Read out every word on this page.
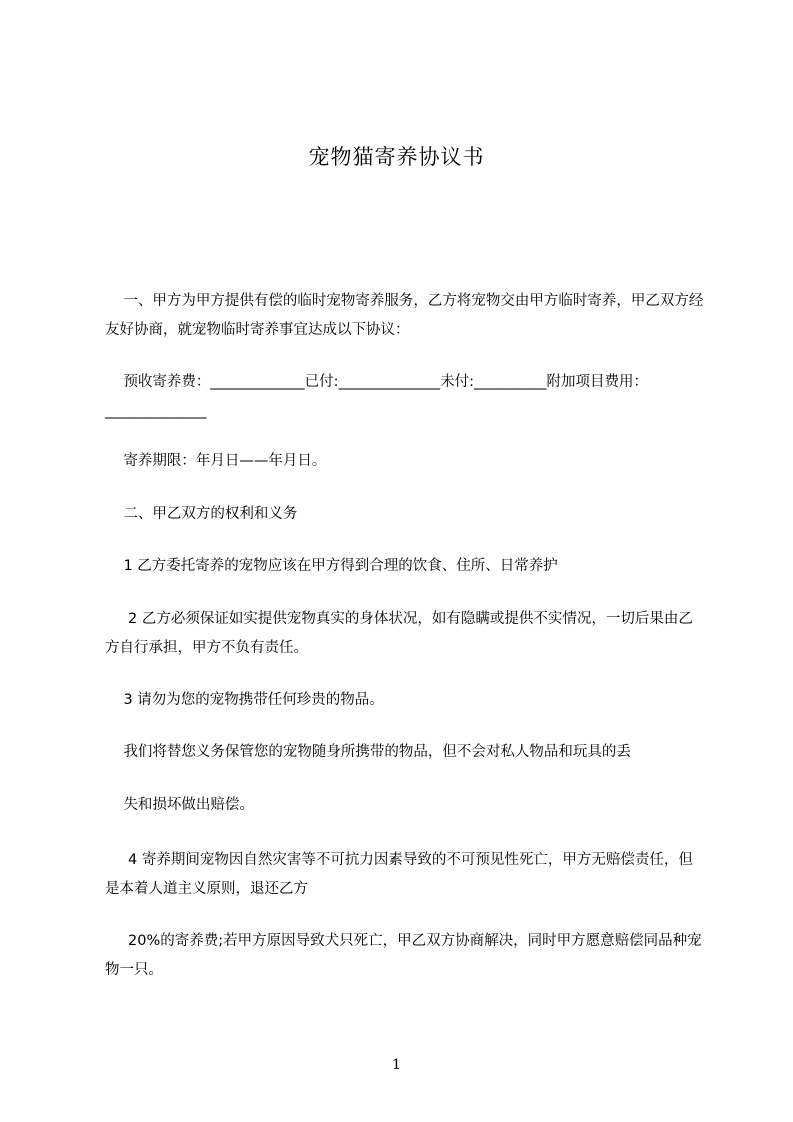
宠物猫寄养协议书

一、甲方为甲方提供有偿的临时宠物寄养服务，乙方将宠物交由甲方临时寄养，甲乙双方经友好协商，就宠物临时寄养事宜达成以下协议：

预收寄养费：_____________已付:______________未付:__________附加项目费用：______________

寄养期限：年月日——年月日。

二、甲乙双方的权利和义务

1 乙方委托寄养的宠物应该在甲方得到合理的饮食、住所、日常养护

2 乙方必须保证如实提供宠物真实的身体状况，如有隐瞒或提供不实情况，一切后果由乙方自行承担，甲方不负有责任。

3 请勿为您的宠物携带任何珍贵的物品。

我们将替您义务保管您的宠物随身所携带的物品，但不会对私人物品和玩具的丢

失和损坏做出赔偿。

4 寄养期间宠物因自然灾害等不可抗力因素导致的不可预见性死亡，甲方无赔偿责任，但是本着人道主义原则，退还乙方

20%的寄养费;若甲方原因导致犬只死亡，甲乙双方协商解决，同时甲方愿意赔偿同品种宠物一只。

1
